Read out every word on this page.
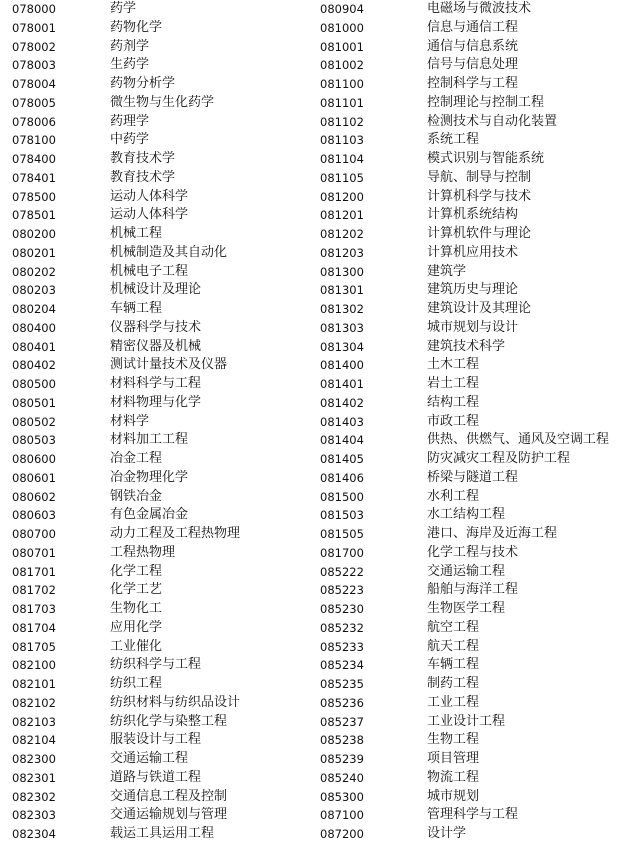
078000	药学
078001	药物化学
078002	药剂学
078003	生药学
078004	药物分析学
078005	微生物与生化药学
078006	药理学
078100	中药学
078400	教育技术学
078401	教育技术学
078500	运动人体科学
078501	运动人体科学
080200	机械工程
080201	机械制造及其自动化
080202	机械电子工程
080203	机械设计及理论
080204	车辆工程
080400	仪器科学与技术
080401	精密仪器及机械
080402	测试计量技术及仪器
080500	材料科学与工程
080501	材料物理与化学
080502	材料学
080503	材料加工工程
080600	冶金工程
080601	冶金物理化学
080602	钢铁冶金
080603	有色金属冶金
080700	动力工程及工程热物理
080701	工程热物理
081701	化学工程
081702	化学工艺
081703	生物化工
081704	应用化学
081705	工业催化
082100	纺织科学与工程
082101	纺织工程
082102	纺织材料与纺织品设计
082103	纺织化学与染整工程
082104	服装设计与工程
082300	交通运输工程
082301	道路与铁道工程
082302	交通信息工程及控制
082303	交通运输规划与管理
082304	载运工具运用工程
080904	电磁场与微波技术
081000	信息与通信工程
081001	通信与信息系统
081002	信号与信息处理
081100	控制科学与工程
081101	控制理论与控制工程
081102	检测技术与自动化装置
081103	系统工程
081104	模式识别与智能系统
081105	导航、制导与控制
081200	计算机科学与技术
081201	计算机系统结构
081202	计算机软件与理论
081203	计算机应用技术
081300	建筑学
081301	建筑历史与理论
081302	建筑设计及其理论
081303	城市规划与设计
081304	建筑技术科学
081400	土木工程
081401	岩土工程
081402	结构工程
081403	市政工程
081404	供热、供燃气、通风及空调工程
081405	防灾减灾工程及防护工程
081406	桥梁与隧道工程
081500	水利工程
081503	水工结构工程
081505	港口、海岸及近海工程
081700	化学工程与技术
085222	交通运输工程
085223	船舶与海洋工程
085230	生物医学工程
085232	航空工程
085233	航天工程
085234	车辆工程
085235	制药工程
085236	工业工程
085237	工业设计工程
085238	生物工程
085239	项目管理
085240	物流工程
085300	城市规划
087100	管理科学与工程
087200	设计学
